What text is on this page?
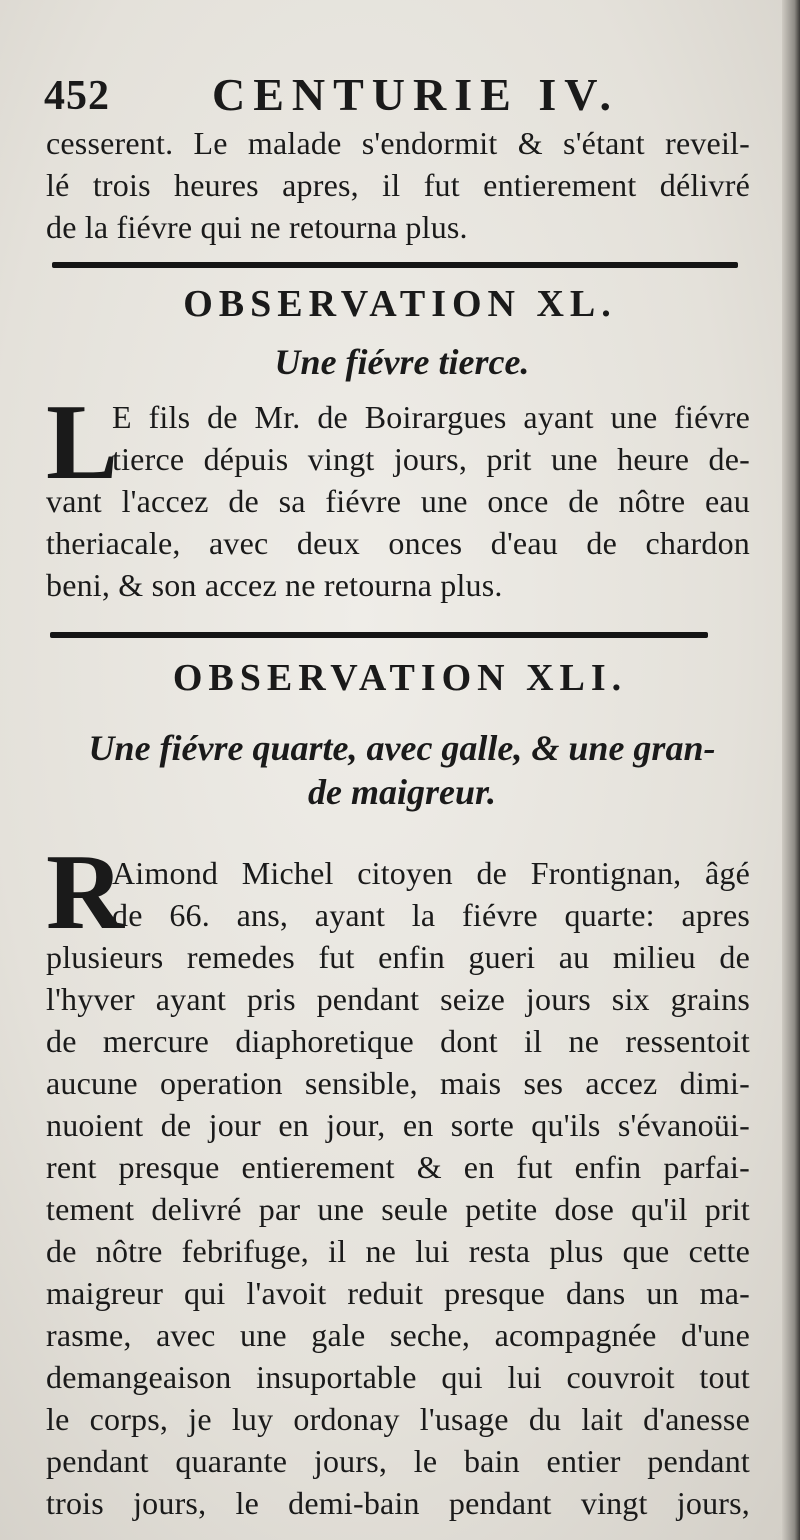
452 CENTURIE IV.
cesserent. Le malade s'endormit & s'étant reveil-
lé trois heures apres, il fut entierement délivré
de la fiévre qui ne retourna plus.
OBSERVATION XL.
Une fiévre tierce.
L
E fils de Mr. de Boirargues ayant une fiévre
tierce dépuis vingt jours, prit une heure de-
vant l'accez de sa fiévre une once de nôtre eau
theriacale, avec deux onces d'eau de chardon
beni, & son accez ne retourna plus.
OBSERVATION XLI.
Une fiévre quarte, avec galle, & une gran-
de maigreur.
R
Aimond Michel citoyen de Frontignan, âgé
de 66. ans, ayant la fiévre quarte: apres
plusieurs remedes fut enfin gueri au milieu de
l'hyver ayant pris pendant seize jours six grains
de mercure diaphoretique dont il ne ressentoit
aucune operation sensible, mais ses accez dimi-
nuoient de jour en jour, en sorte qu'ils s'évanoüi-
rent presque entierement & en fut enfin parfai-
tement delivré par une seule petite dose qu'il prit
de nôtre febrifuge, il ne lui resta plus que cette
maigreur qui l'avoit reduit presque dans un ma-
rasme, avec une gale seche, acompagnée d'une
demangeaison insuportable qui lui couvroit tout
le corps, je luy ordonay l'usage du lait d'anesse
pendant quarante jours, le bain entier pendant
trois jours, le demi-bain pendant vingt jours,
